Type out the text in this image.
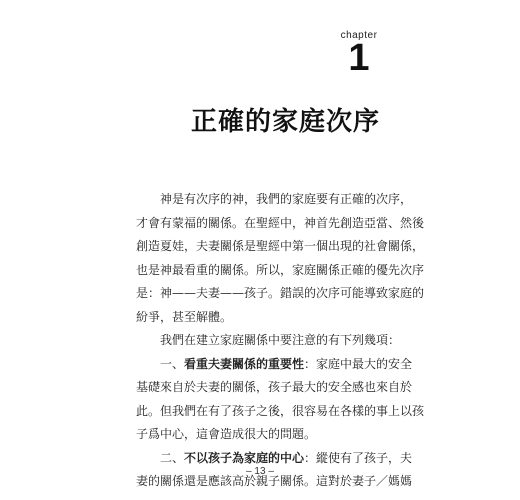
chapter
1
正確的家庭次序
神是有次序的神，我們的家庭要有正確的次序，
才會有蒙福的關係。在聖經中，神首先創造亞當、然後
創造夏娃，夫妻關係是聖經中第一個出現的社會關係，
也是神最看重的關係。所以，家庭關係正確的優先次序
是：神——夫妻——孩子。錯誤的次序可能導致家庭的
紛爭，甚至解體。
我們在建立家庭關係中要注意的有下列幾項：
一、看重夫妻關係的重要性：家庭中最大的安全
基礎來自於夫妻的關係，孩子最大的安全感也來自於
此。但我們在有了孩子之後，很容易在各樣的事上以孩
子爲中心，這會造成很大的問題。
二、不以孩子為家庭的中心：縱使有了孩子，夫
妻的關係還是應該高於親子關係。這對於妻子／媽媽
– 13 –
